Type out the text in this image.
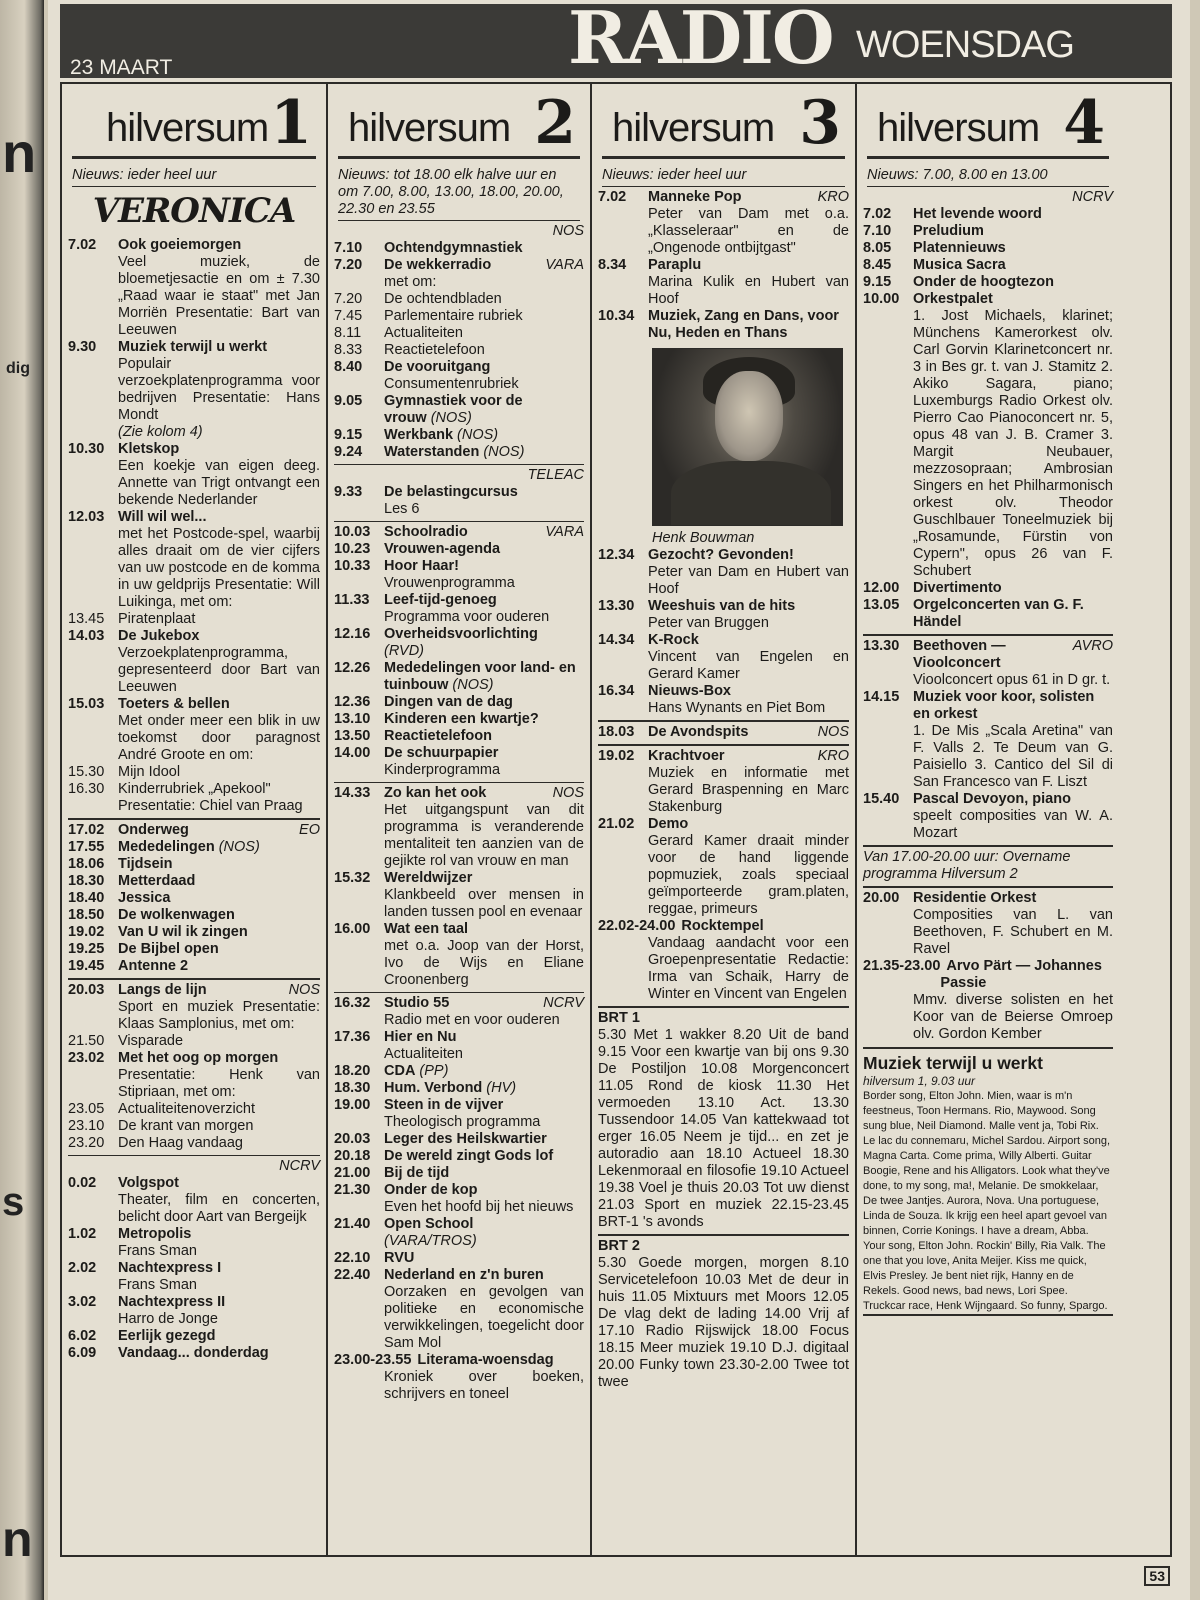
n
dig
s
n
23 MAART	RADIO WOENSDAG
hilversum 1
Nieuws: ieder heel uur
VERONICA
7.02	Ook goeiemorgen
Veel muziek, de bloemetjesactie en om ± 7.30 „Raad waar ie staat" met Jan Morriën Presentatie: Bart van Leeuwen
9.30	Muziek terwijl u werkt
Populair verzoekplatenprogramma voor bedrijven Presentatie: Hans Mondt
(Zie kolom 4)
10.30 Kletskop
Een koekje van eigen deeg. Annette van Trigt ontvangt een bekende Nederlander
12.03 Will wil wel...
met het Postcode-spel, waarbij alles draait om de vier cijfers van uw postcode en de komma in uw geldprijs Presentatie: Will Luikinga, met om:
13.45 Piratenplaat
14.03 De Jukebox
Verzoekplatenprogramma, gepresenteerd door Bart van Leeuwen
15.03 Toeters & bellen
Met onder meer een blik in uw toekomst door paragnost André Groote en om:
15.30 Mijn Idool
16.30 Kinderrubriek „Apekool"
Presentatie: Chiel van Praag
17.02 Onderweg	EO
17.55 Mededelingen (NOS)
18.06 Tijdsein
18.30 Metterdaad
18.40 Jessica
18.50 De wolkenwagen
19.02 Van U wil ik zingen
19.25 De Bijbel open
19.45 Antenne 2
20.03 Langs de lijn	NOS
Sport en muziek Presentatie: Klaas Samplonius, met om:
21.50 Visparade
23.02 Met het oog op morgen
Presentatie: Henk van Stipriaan, met om:
23.05 Actualiteitenoverzicht
23.10 De krant van morgen
23.20 Den Haag vandaag
NCRV
0.02	Volgspot
Theater, film en concerten, belicht door Aart van Bergeijk
1.02	Metropolis
Frans Sman
2.02	Nachtexpress I
Frans Sman
3.02	Nachtexpress II
Harro de Jonge
6.02	Eerlijk gezegd
6.09	Vandaag... donderdag
hilversum 2
Nieuws: tot 18.00 elk halve uur en om 7.00, 8.00, 13.00, 18.00, 20.00, 22.30 en 23.55
NOS
7.10	Ochtendgymnastiek
7.20	De wekkerradio	VARA
met om:
7.20	De ochtendbladen
7.45	Parlementaire rubriek
8.11	Actualiteiten
8.33	Reactietelefoon
8.40	De vooruitgang
Consumentenrubriek
9.05	Gymnastiek voor de vrouw (NOS)
9.15	Werkbank (NOS)
9.24	Waterstanden (NOS)
TELEAC
9.33	De belastingcursus
Les 6
10.03 Schoolradio	VARA
10.23 Vrouwen-agenda
10.33 Hoor Haar!
Vrouwenprogramma
11.33	Leef-tijd-genoeg
Programma voor ouderen
12.16 Overheidsvoorlichting
(RVD)
12.26 Mededelingen voor land- en tuinbouw (NOS)
12.36 Dingen van de dag
13.10 Kinderen een kwartje?
13.50 Reactietelefoon
14.00 De schuurpapier
Kinderprogramma
14.33 Zo kan het ook	NOS
Het uitgangspunt van dit programma is veranderende mentaliteit ten aanzien van de gejikte rol van vrouw en man
15.32 Wereldwijzer
Klankbeeld over mensen in landen tussen pool en evenaar
16.00 Wat een taal
met o.a. Joop van der Horst, Ivo de Wijs en Eliane Croonenberg
16.32 Studio 55	NCRV
Radio met en voor ouderen
17.36 Hier en Nu
Actualiteiten
18.20 CDA (PP)
18.30 Hum. Verbond (HV)
19.00 Steen in de vijver
Theologisch programma
20.03 Leger des Heilskwartier
20.18 De wereld zingt Gods lof
21.00 Bij de tijd
21.30 Onder de kop
Even het hoofd bij het nieuws
21.40 Open School
(VARA/TROS)
22.10 RVU
22.40 Nederland en z'n buren
Oorzaken en gevolgen van politieke en economische verwikkelingen, toegelicht door Sam Mol
23.00-23.55 Literama-woensdag
Kroniek over boeken, schrijvers en toneel
hilversum 3
Nieuws: ieder heel uur
7.02	Manneke Pop	KRO
Peter van Dam met o.a. „Klasseleraar" en de „Ongenode ontbijtgast"
8.34	Paraplu
Marina Kulik en Hubert van Hoof
10.34 Muziek, Zang en Dans, voor Nu, Heden en Thans
Henk Bouwman
12.34 Gezocht? Gevonden!
Peter van Dam en Hubert van Hoof
13.30 Weeshuis van de hits
Peter van Bruggen
14.34 K-Rock
Vincent van Engelen en Gerard Kamer
16.34 Nieuws-Box
Hans Wynants en Piet Bom
18.03 De Avondspits	NOS
19.02 Krachtvoer	KRO
Muziek en informatie met Gerard Braspenning en Marc Stakenburg
21.02 Demo
Gerard Kamer draait minder voor de hand liggende popmuziek, zoals speciaal geïmporteerde gram.platen, reggae, primeurs
22.02-24.00 Rocktempel
Vandaag aandacht voor een Groepenpresentatie Redactie: Irma van Schaik, Harry de Winter en Vincent van Engelen
BRT 1
5.30 Met 1 wakker 8.20 Uit de band 9.15 Voor een kwartje van bij ons 9.30 De Postiljon 10.08 Morgenconcert 11.05 Rond de kiosk 11.30 Het vermoeden 13.10 Act. 13.30 Tussendoor 14.05 Van kattekwaad tot erger 16.05 Neem je tijd... en zet je autoradio aan 18.10 Actueel 18.30 Lekenmoraal en filosofie 19.10 Actueel 19.38 Voel je thuis 20.03 Tot uw dienst 21.03 Sport en muziek 22.15-23.45 BRT-1 's avonds
BRT 2
5.30 Goede morgen, morgen 8.10 Servicetelefoon 10.03 Met de deur in huis 11.05 Mixtuurs met Moors 12.05 De vlag dekt de lading 14.00 Vrij af 17.10 Radio Rijswijck 18.00 Focus 18.15 Meer muziek 19.10 D.J. digitaal 20.00 Funky town 23.30-2.00 Twee tot twee
hilversum 4
Nieuws: 7.00, 8.00 en 13.00
NCRV
7.02	Het levende woord
7.10	Preludium
8.05	Platennieuws
8.45	Musica Sacra
9.15	Onder de hoogtezon
10.00 Orkestpalet
1. Jost Michaels, klarinet; Münchens Kamerorkest olv. Carl Gorvin Klarinetconcert nr. 3 in Bes gr. t. van J. Stamitz 2. Akiko Sagara, piano; Luxemburgs Radio Orkest olv. Pierro Cao Pianoconcert nr. 5, opus 48 van J. B. Cramer 3. Margit Neubauer, mezzosopraan; Ambrosian Singers en het Philharmonisch orkest olv. Theodor Guschlbauer Toneelmuziek bij „Rosamunde, Fürstin von Cypern", opus 26 van F. Schubert
12.00 Divertimento
13.05 Orgelconcerten van G. F. Händel
13.30 Beethoven — Vioolconcert
AVRO
Vioolconcert opus 61 in D gr. t.
14.15 Muziek voor koor, solisten en orkest
1. De Mis „Scala Aretina" van F. Valls 2. Te Deum van G. Paisiello 3. Cantico del Sil di San Francesco van F. Liszt
15.40 Pascal Devoyon, piano
speelt composities van W. A. Mozart
Van 17.00-20.00 uur: Overname programma Hilversum 2
20.00 Residentie Orkest
Composities van L. van Beethoven, F. Schubert en M. Ravel
21.35-23.00 Arvo Pärt — Johannes Passie
Mmv. diverse solisten en het Koor van de Beierse Omroep olv. Gordon Kember
Muziek terwijl u werkt
hilversum 1, 9.03 uur
Border song, Elton John. Mien, waar is m'n feestneus, Toon Hermans. Rio, Maywood. Song sung blue, Neil Diamond. Malle vent ja, Tobi Rix. Le lac du connemaru, Michel Sardou. Airport song, Magna Carta. Come prima, Willy Alberti. Guitar Boogie, Rene and his Alligators. Look what they've done, to my song, ma!, Melanie. De smokkelaar, De twee Jantjes. Aurora, Nova. Una portuguese, Linda de Souza. Ik krijg een heel apart gevoel van binnen, Corrie Konings. I have a dream, Abba. Your song, Elton John. Rockin' Billy, Ria Valk. The one that you love, Anita Meijer. Kiss me quick, Elvis Presley. Je bent niet rijk, Hanny en de Rekels. Good news, bad news, Lori Spee. Truckcar race, Henk Wijngaard. So funny, Spargo.
53
